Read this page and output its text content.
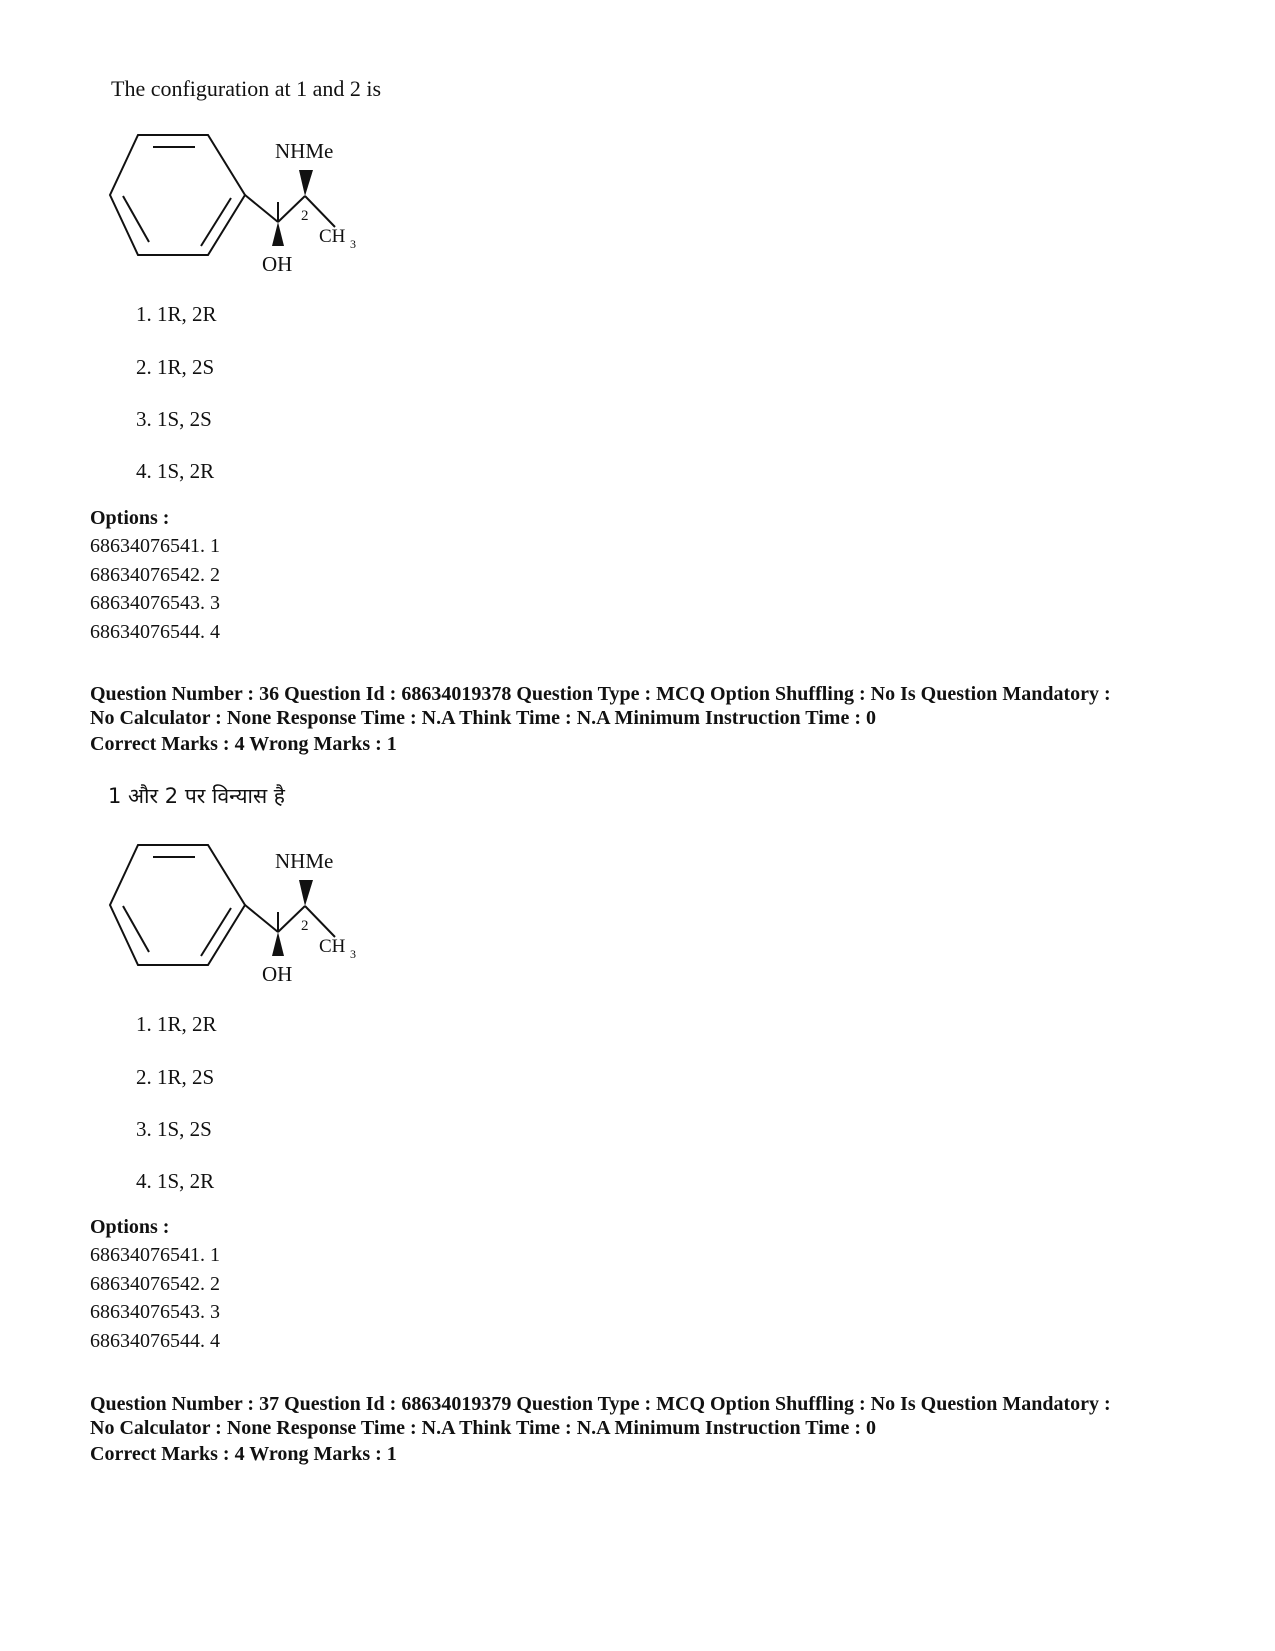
The configuration at 1 and 2 is
NHMe
2
CH 3
OH
1. 1R, 2R
2. 1R, 2S
3. 1S, 2S
4. 1S, 2R
Options :
68634076541. 1
68634076542. 2
68634076543. 3
68634076544. 4
Question Number : 36 Question Id : 68634019378 Question Type : MCQ Option Shuffling : No Is Question Mandatory :
No Calculator : None Response Time : N.A Think Time : N.A Minimum Instruction Time : 0
Correct Marks : 4 Wrong Marks : 1
1 और 2 पर विन्यास है
NHMe
2
CH 3
OH
1. 1R, 2R
2. 1R, 2S
3. 1S, 2S
4. 1S, 2R
Options :
68634076541. 1
68634076542. 2
68634076543. 3
68634076544. 4
Question Number : 37 Question Id : 68634019379 Question Type : MCQ Option Shuffling : No Is Question Mandatory :
No Calculator : None Response Time : N.A Think Time : N.A Minimum Instruction Time : 0
Correct Marks : 4 Wrong Marks : 1
